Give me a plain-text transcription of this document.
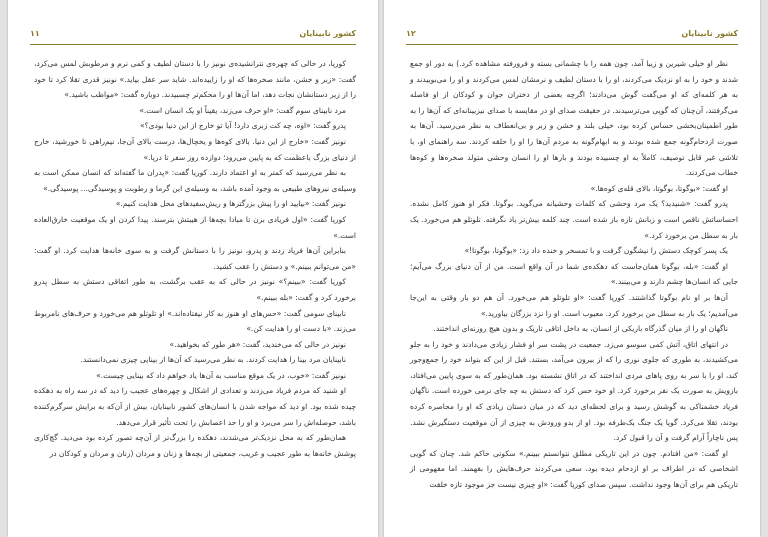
کشور نابینایان
۱۱

کوریا، در حالی که چهره‌ی نترانشیده‌ی نونیز را با دستان لطیف و کمی نرم و مرطوبش لمس می‌کرد، گفت: «زبر و خشن، مانند صخره‌ها که او را زاییده‌اند. شاید سر عقل بیاید.» نونیز قدری تقلا کرد تا خود را از زیر دستانشان نجات دهد، اما آن‌ها او را محکم‌تر چسبیدند. دوباره گفت: «مواظب باشید.»

مرد نابینای سوم گفت: «او حرف می‌زند، یقیناً او یک انسان است.»

پدرو گفت: «اوه، چه کت زبری دارد! آیا تو خارج از این دنیا بودی؟»

نونیز گفت: «خارج از این دنیا. بالای کوه‌ها و یخچال‌ها، درست بالای آن‌جا، نیم‌راهی تا خورشید، خارج از دنیای بزرگ باعظمت که به پایین می‌رود؛ دوازده روز سفر تا دریا.»

به نظر می‌رسید که کمتر به او اعتماد دارند. کوریا گفت: «پدران ما گفته‌اند که انسان ممکن است به وسیله‌ی نیروهای طبیعی به وجود آمده باشد، به وسیله‌ی این گرما و رطوبت و پوسیدگی... پوسیدگی.»

نونیز گفت: «بیایید او را پیش بزرگترها و ریش‌سفیدهای محل هدایت کنیم.»

کوریا گفت: «اول فریادی بزن تا مبادا بچه‌ها از هیبتش بترسند. پیدا کردن او یک موقعیت خارق‌العاده است.»

بنابراین آن‌ها فریاد زدند و پدرو، نونیز را با دستانش گرفت و به سوی خانه‌ها هدایت کرد. او گفت: «من می‌توانم ببینم.» و دستش را عقب کشید.

کوریا گفت: «ببینم؟» نونیز در حالی که به عقب برگشت، به طور اتفاقی دستش به سطل پدرو برخورد کرد و گفت: «بله ببینم.»

نابینای سومی گفت: «حس‌های او هنوز به کار نیفتاده‌اند.» او تلوتلو هم می‌خورد و حرف‌های نامربوط می‌زند. «با دست او را هدایت کن.»

نونیز در حالی که می‌خندید، گفت: «هر طور که بخواهید.»

نابینایان مرد بینا را هدایت کردند. به نظر می‌رسید که آن‌ها از بینایی چیزی نمی‌دانستند.

نونیز گفت: «خوب، در یک موقع مناسب به آن‌ها یاد خواهم داد که بینایی چیست.»

او شنید که مردم فریاد می‌زدند و تعدادی از اشکال و چهره‌های عجیب را دید که در سه راه به دهکده چیده شده بود. او دید که مواجه شدن با انسان‌های کشور نابینایان، بیش از آن‌که به برایش سرگرم‌کننده باشد، حوصله‌اش را سر می‌برد و او را حد اعصابش را تحت تأثیر قرار می‌دهد.

همان‌طور که به محل نزدیک‌تر می‌شدند، دهکده را بزرگ‌تر از آن‌چه تصور کرده بود می‌دید. گچ‌کاری پوشش خانه‌ها به طور عجیب و غریب، جمعیتی از بچه‌ها و زنان و مردان (زنان و مردان و کودکان در

کشور نابینایان
۱۲

نظر او خیلی شیرین و زیبا آمد، چون همه را با چشمانی بسته و فرورفته مشاهده کرد.) به دور او جمع شدند و خود را به او نزدیک می‌کردند، او را با دستان لطیف و نرمشان لمس می‌کردند و او را می‌بوییدند و به هر کلمه‌ای که او می‌گفت گوش می‌دادند؛ اگرچه بعضی از دختران جوان و کودکان از او فاصله می‌گرفتند، آن‌چنان که گویی می‌ترسیدند. در حقیقت صدای او در مقایسه با صدای نیزبینانه‌ای که آن‌ها را به طور اطمینان‌بخشی حساس کرده بود، خیلی بلند و خشن و زبر و بی‌انعطاف به نظر می‌رسید. آن‌ها به صورت ازدحام‌گونه جمع شده بودند و به ابهام‌گونه به مردم آن‌ها را او را حلقه کردند. سه راهنمای او، با تلاشی غیر قابل توصیف، کاملاً به او چسبیده بودند و بارها او را انسان وحشی متولد صخره‌ها و کوه‌ها خطاب می‌کردند.

او گفت: «بوگوتا، بوگوتا، بالای قله‌ی کوه‌ها.»

پدرو گفت: «شنیدید؟ یک مرد وحشی که کلمات وحشیانه می‌گوید. بوگوتا. فکر او هنوز کامل نشده. احساساتش ناقص است و زبانش تازه باز شده است. چند کلمه بیش‌تر یاد نگرفته. تلوتلو هم می‌خورد. یک بار به سطل من برخورد کرد.»

یک پسر کوچک دستش را نیشگون گرفت و با تمسخر و خنده داد زد: «بوگوتا، بوگوتا!»

او گفت: «بله، بوگوتا همان‌جاست که دهکده‌ی شما در آن واقع است. من از آن دنیای بزرگ می‌آیم؛ جایی که انسان‌ها چشم دارند و می‌بینند.»

آن‌ها بر او نام بوگوتا گذاشتند. کوریا گفت: «او تلوتلو هم می‌خورد. آن هم دو بار وقتی به این‌جا می‌آمدیم؛ یک بار به سطل من برخورد کرد. معیوب است. او را نزد بزرگان بیاورید.»

ناگهان او را از میان گذرگاه باریکی از انسان، به داخل اتاقی تاریک و بدون هیچ روزنه‌ای انداختند.

در انتهای اتاق، آتش کمی سوسو می‌زد. جمعیت در پشت سر او فشار زیادی می‌دادند و خود را به جلو می‌کشیدند، به طوری که جلوی نوری را که از بیرون می‌آمد، بستند. قبل از این که بتواند خود را جمع‌وجور کند، او را با سر به روی پاهای مردی انداختند که در اتاق نشسته بود. همان‌طور که به سوی پایین می‌افتاد، بازویش به صورت یک نفر برخورد کرد. او خود حس کرد که دستش به چه جای نرمی خورده است. ناگهان فریاد خشمناکی به گوشش رسید و برای لحظه‌ای دید که در میان دستان زیادی که او را محاصره کرده بودند، تقلا می‌کرد. گویا یک جنگ یک‌طرفه بود. او از بدو ورودش به چیزی از آن موقعیت دستگیرش نشد. پس ناچاراً آرام گرفت و آن را قبول کرد.

او گفت: «من افتادم. چون در این تاریکی مطلق نتوانستم ببینم.» سکوتی حاکم شد. چنان که گویی اشخاصی که در اطراف بر او ازدحام دیده بود، سعی می‌کردند حرف‌هایش را بفهمند. اما مفهومی از تاریکی هم برای آن‌ها وجود نداشت. سپس صدای کوریا گفت: «او چیزی نیست جز موجود تازه خلقت
